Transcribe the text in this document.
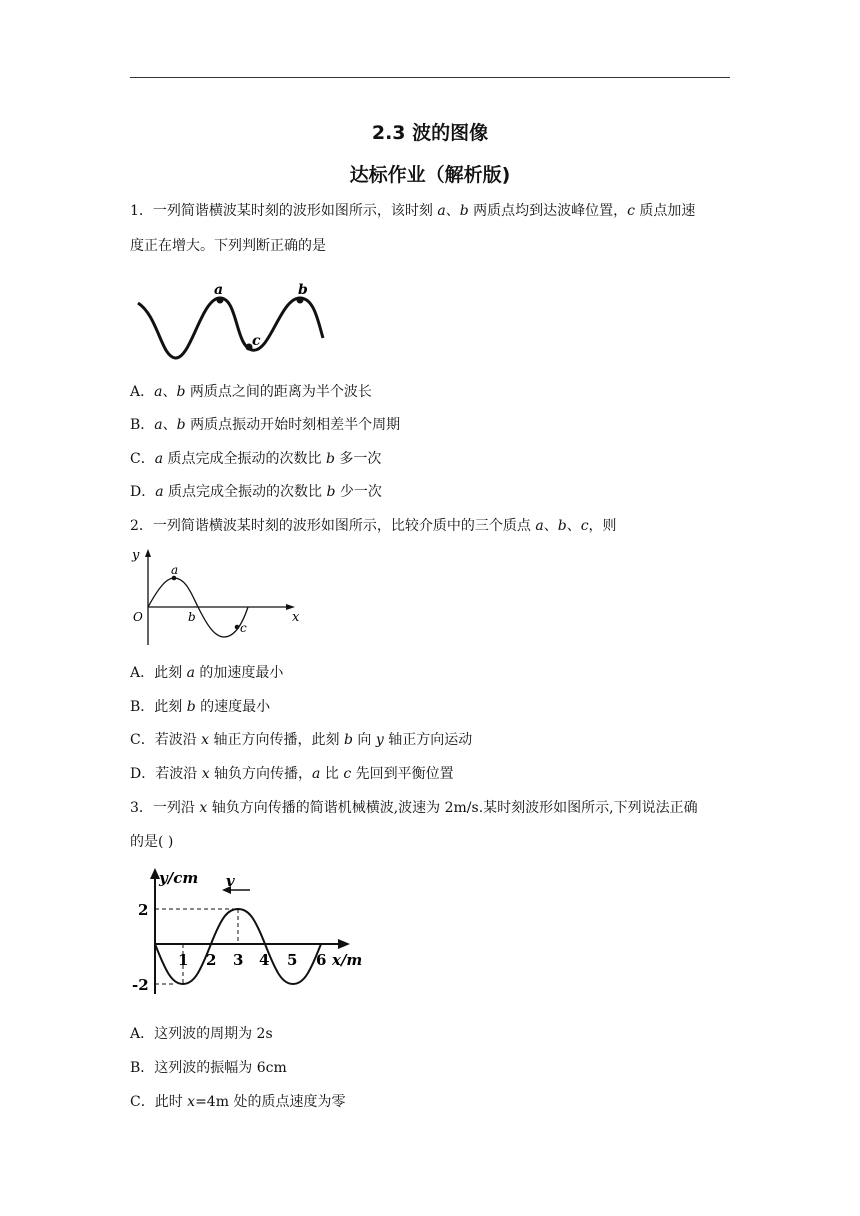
2.3 波的图像
达标作业（解析版)
1．一列简谐横波某时刻的波形如图所示，该时刻 a、b 两质点均到达波峰位置，c 质点加速
度正在增大。下列判断正确的是
a	b
c
A．a、b 两质点之间的距离为半个波长
B．a、b 两质点振动开始时刻相差半个周期
C．a 质点完成全振动的次数比 b 多一次
D．a 质点完成全振动的次数比 b 少一次
2．一列简谐横波某时刻的波形如图所示，比较介质中的三个质点 a、b、c，则
y
x
O
a
b
c
A．此刻 a 的加速度最小
B．此刻 b 的速度最小
C．若波沿 x 轴正方向传播，此刻 b 向 y 轴正方向运动
D．若波沿 x 轴负方向传播，a 比 c 先回到平衡位置
3．一列沿 x 轴负方向传播的简谐机械横波,波速为 2m/s.某时刻波形如图所示,下列说法正确
的是( )
y/cm
x/m
v
2
-2
1 2 3 4 5 6
A．这列波的周期为 2s
B．这列波的振幅为 6cm
C．此时 x=4m 处的质点速度为零
